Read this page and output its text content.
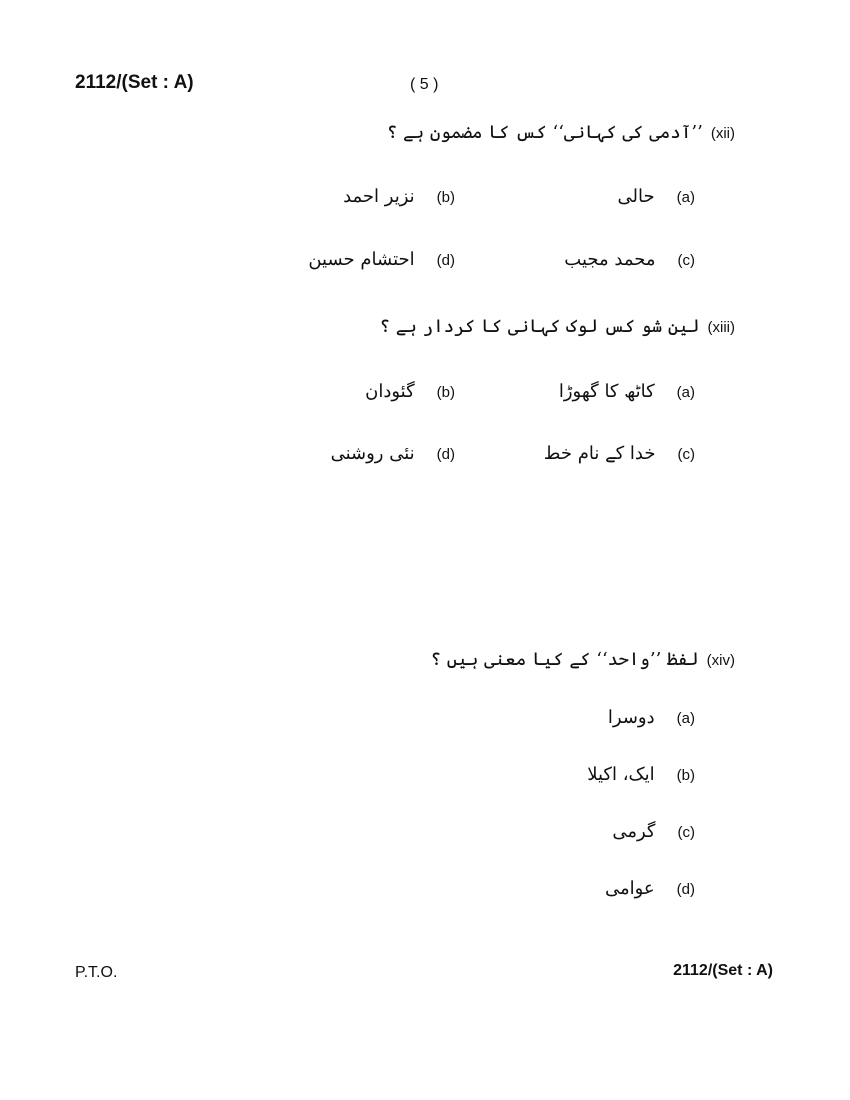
2112/(Set : A)	( 5 )
(xii)
’’آدمی کی کہانی‘‘ کس کا مضمون ہے ؟
(a)
حالی
(b)
نزیر احمد
(c)
محمد مجیب
(d)
احتشام حسین
(xiii)
لین شو کس لوک کہانی کا کردار ہے ؟
(a)
کاٹھ کا گھوڑا
(b)
گئودان
(c)
خدا کے نام خط
(d)
نئی روشنی
(xiv)
لفظ ’’واحد‘‘ کے کیا معنی ہیں ؟
(a)
دوسرا
(b)
ایک، اکیلا
(c)
گرمی
(d)
عوامی
P.T.O.	2112/(Set : A)
